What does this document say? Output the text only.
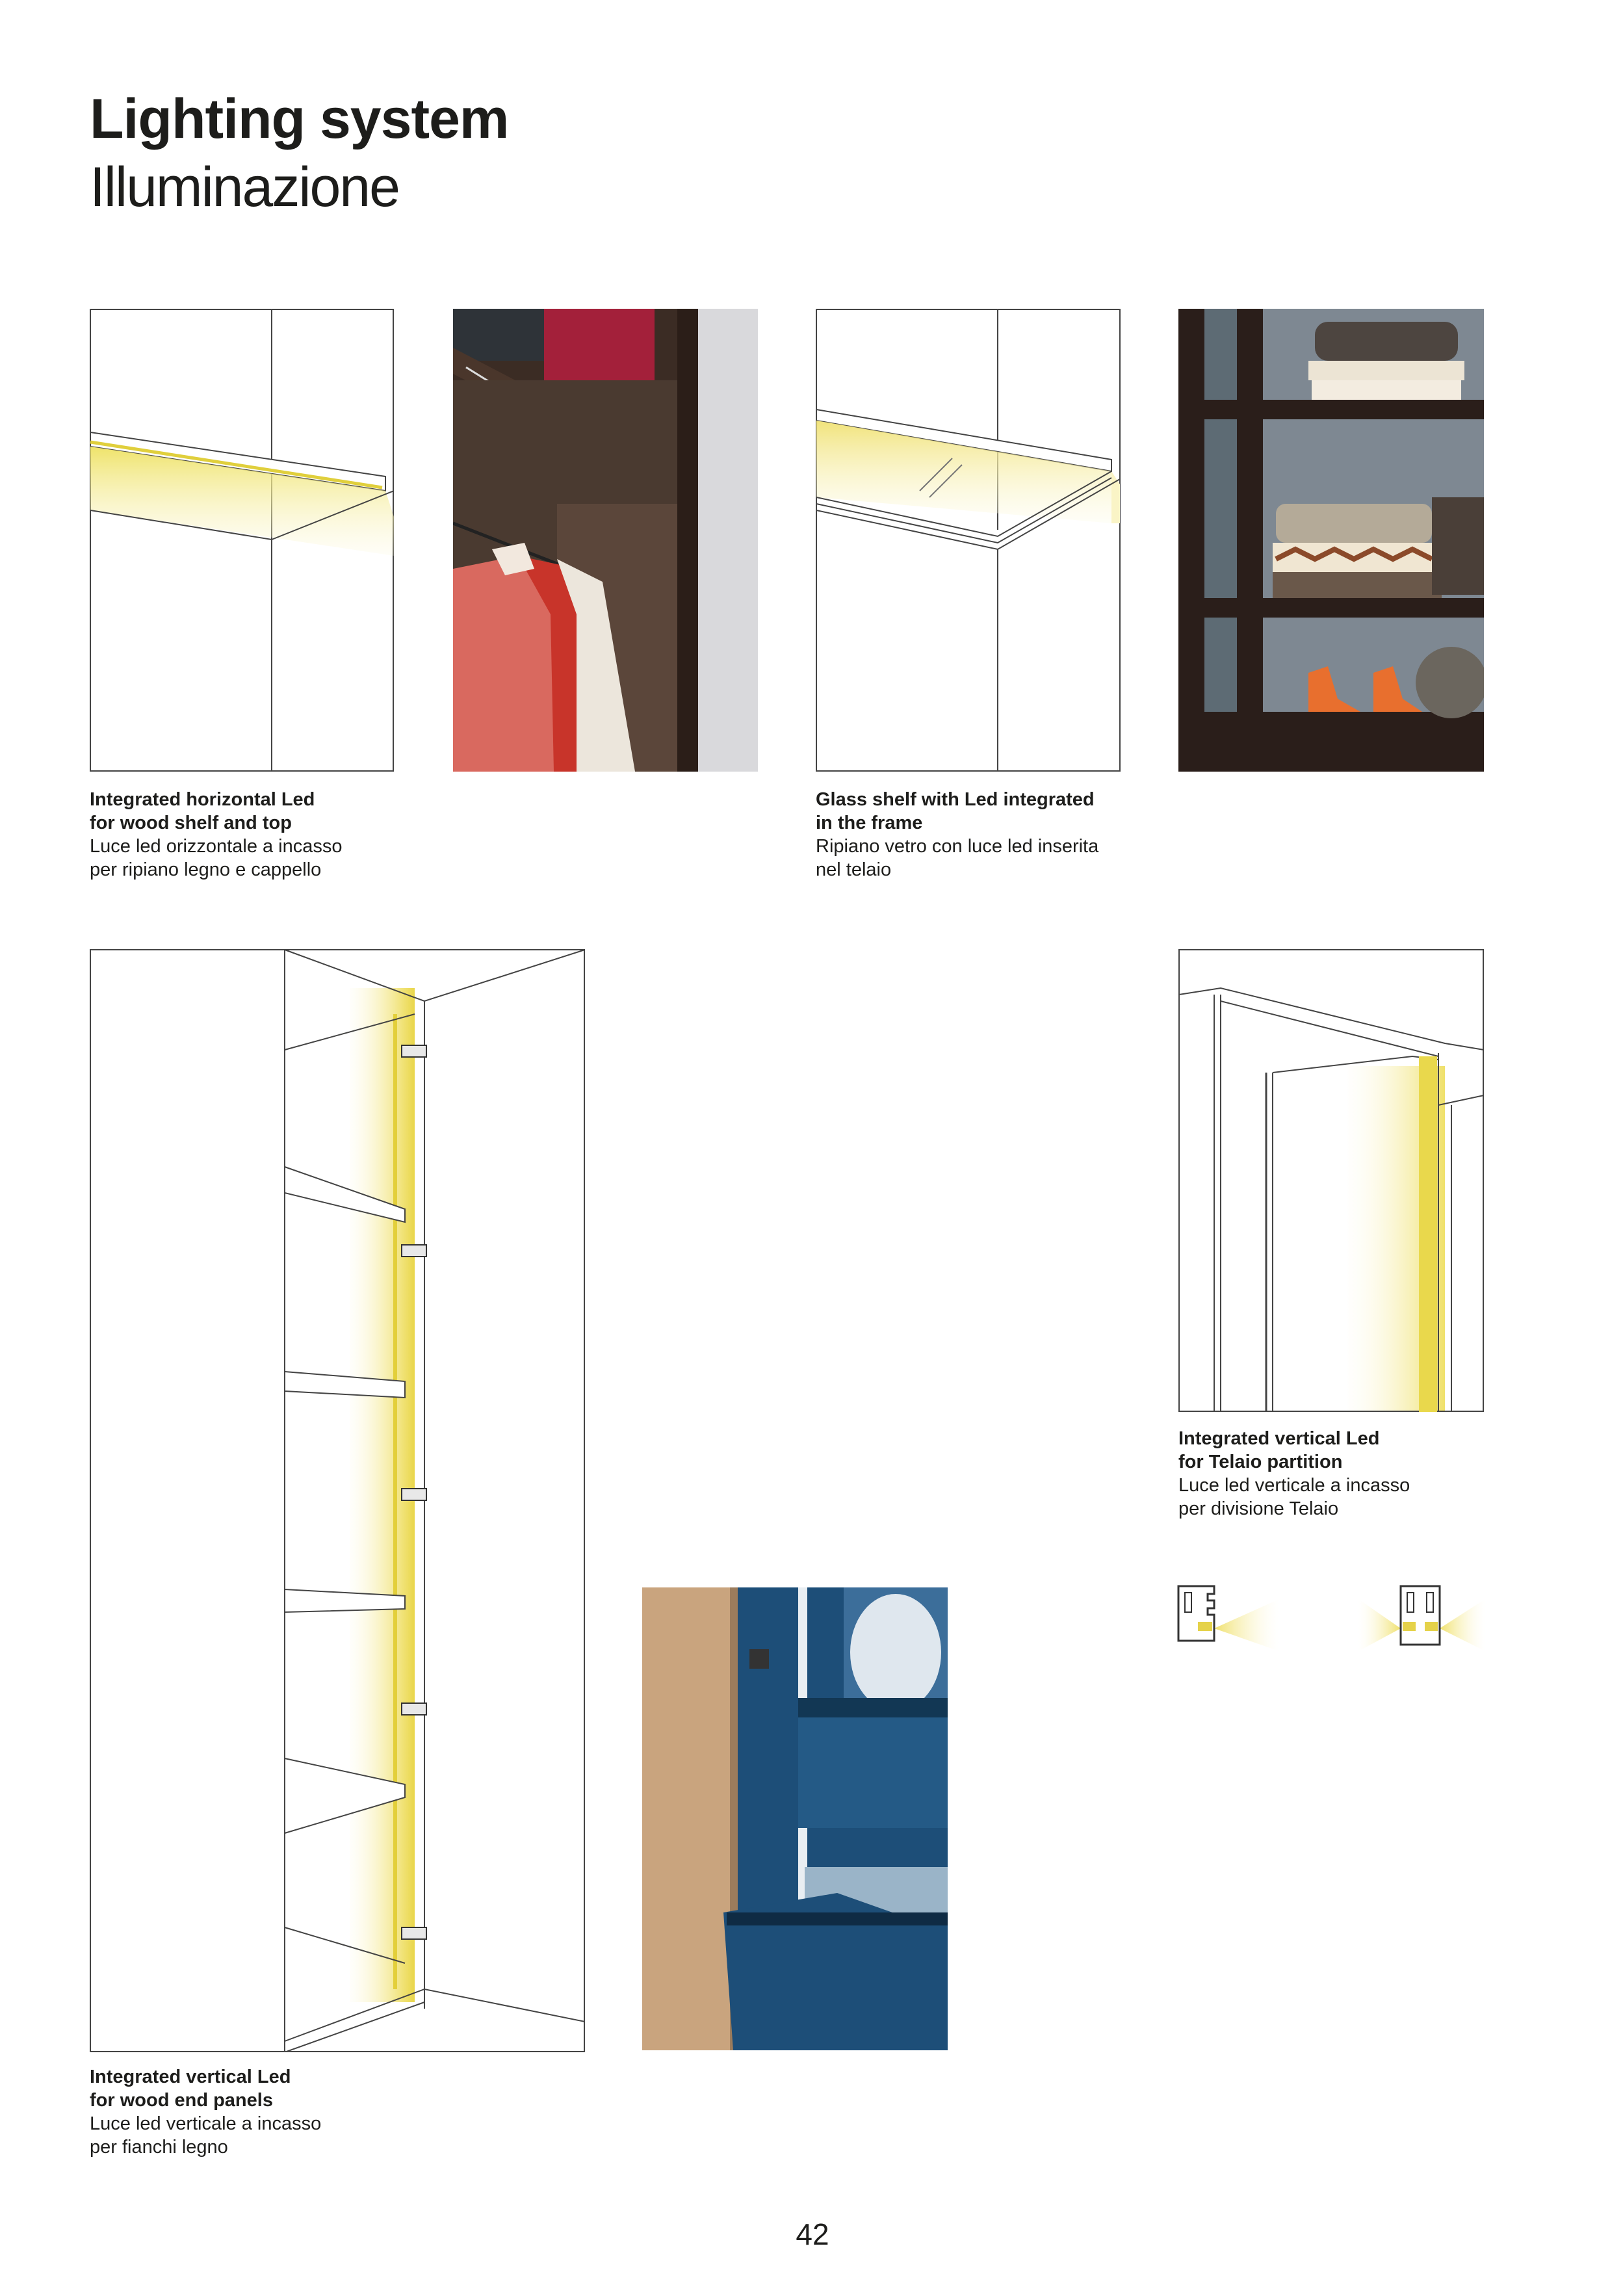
Lighting system
Illuminazione
Integrated horizontal Led
for wood shelf and top
Luce led orizzontale a incasso
per ripiano legno e cappello
Glass shelf with Led integrated
in the frame
Ripiano vetro con luce led inserita
nel telaio
Integrated vertical Led
for Telaio partition
Luce led verticale a incasso
per divisione Telaio
Integrated vertical Led
for wood end panels
Luce led verticale a incasso
per fianchi legno
42
